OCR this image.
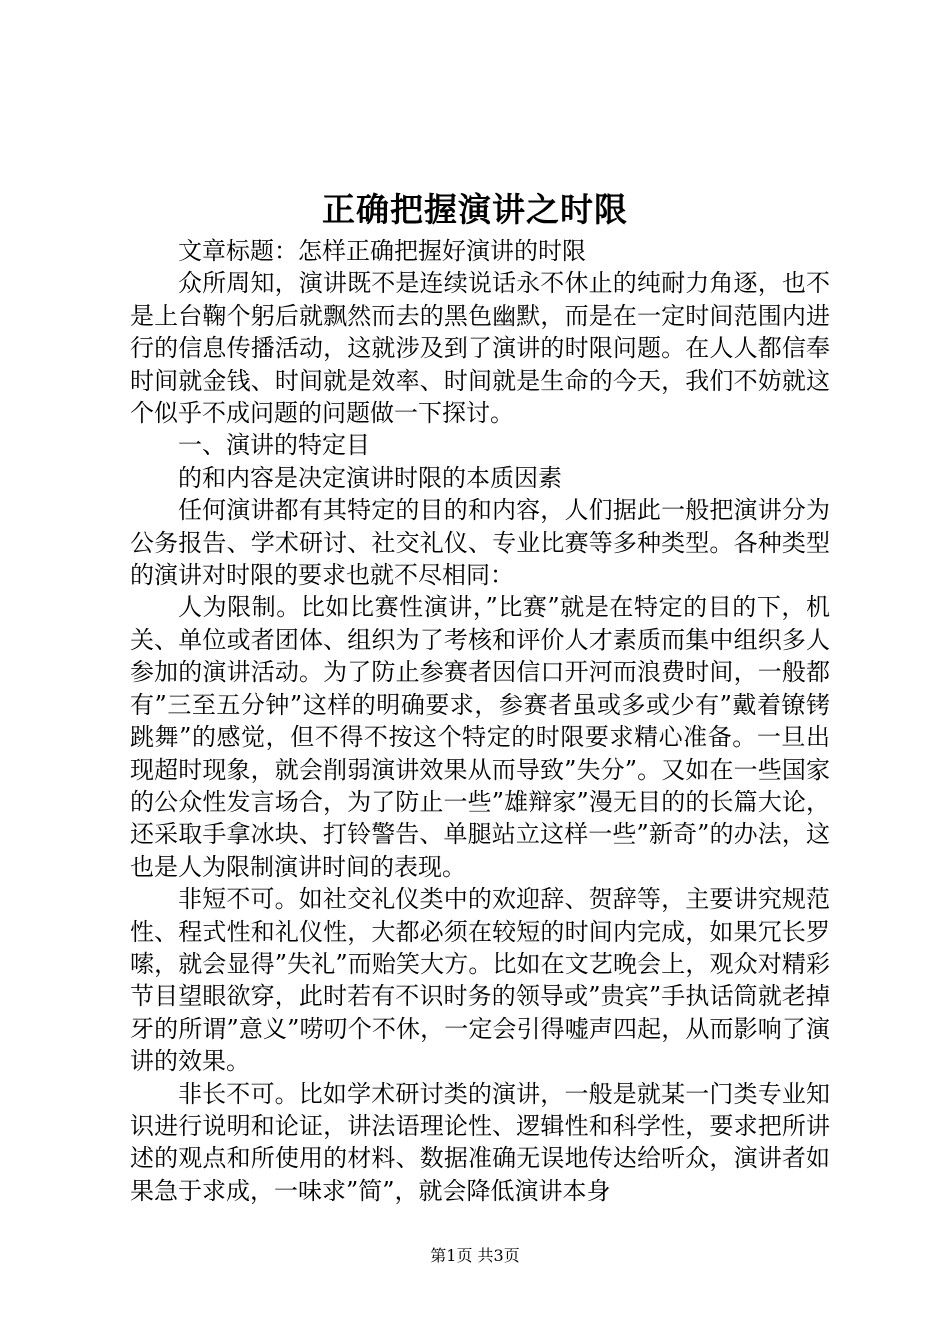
正确把握演讲之时限

文章标题：怎样正确把握好演讲的时限

众所周知，演讲既不是连续说话永不休止的纯耐力角逐，也不是上台鞠个躬后就飘然而去的黑色幽默，而是在一定时间范围内进行的信息传播活动，这就涉及到了演讲的时限问题。在人人都信奉时间就金钱、时间就是效率、时间就是生命的今天，我们不妨就这个似乎不成问题的问题做一下探讨。

一、演讲的特定目

的和内容是决定演讲时限的本质因素

任何演讲都有其特定的目的和内容，人们据此一般把演讲分为公务报告、学术研讨、社交礼仪、专业比赛等多种类型。各种类型的演讲对时限的要求也就不尽相同：

人为限制。比如比赛性演讲，”比赛”就是在特定的目的下，机关、单位或者团体、组织为了考核和评价人才素质而集中组织多人参加的演讲活动。为了防止参赛者因信口开河而浪费时间，一般都有”三至五分钟”这样的明确要求，参赛者虽或多或少有”戴着镣铐跳舞”的感觉，但不得不按这个特定的时限要求精心准备。一旦出现超时现象，就会削弱演讲效果从而导致”失分”。又如在一些国家的公众性发言场合，为了防止一些”雄辩家”漫无目的的长篇大论，还采取手拿冰块、打铃警告、单腿站立这样一些”新奇”的办法，这也是人为限制演讲时间的表现。

非短不可。如社交礼仪类中的欢迎辞、贺辞等，主要讲究规范性、程式性和礼仪性，大都必须在较短的时间内完成，如果冗长罗嗦，就会显得”失礼”而贻笑大方。比如在文艺晚会上，观众对精彩节目望眼欲穿，此时若有不识时务的领导或”贵宾”手执话筒就老掉牙的所谓”意义”唠叨个不休，一定会引得嘘声四起，从而影响了演讲的效果。

非长不可。比如学术研讨类的演讲，一般是就某一门类专业知识进行说明和论证，讲法语理论性、逻辑性和科学性，要求把所讲述的观点和所使用的材料、数据准确无误地传达给听众，演讲者如果急于求成，一味求”简”，就会降低演讲本身

第1页 共3页
